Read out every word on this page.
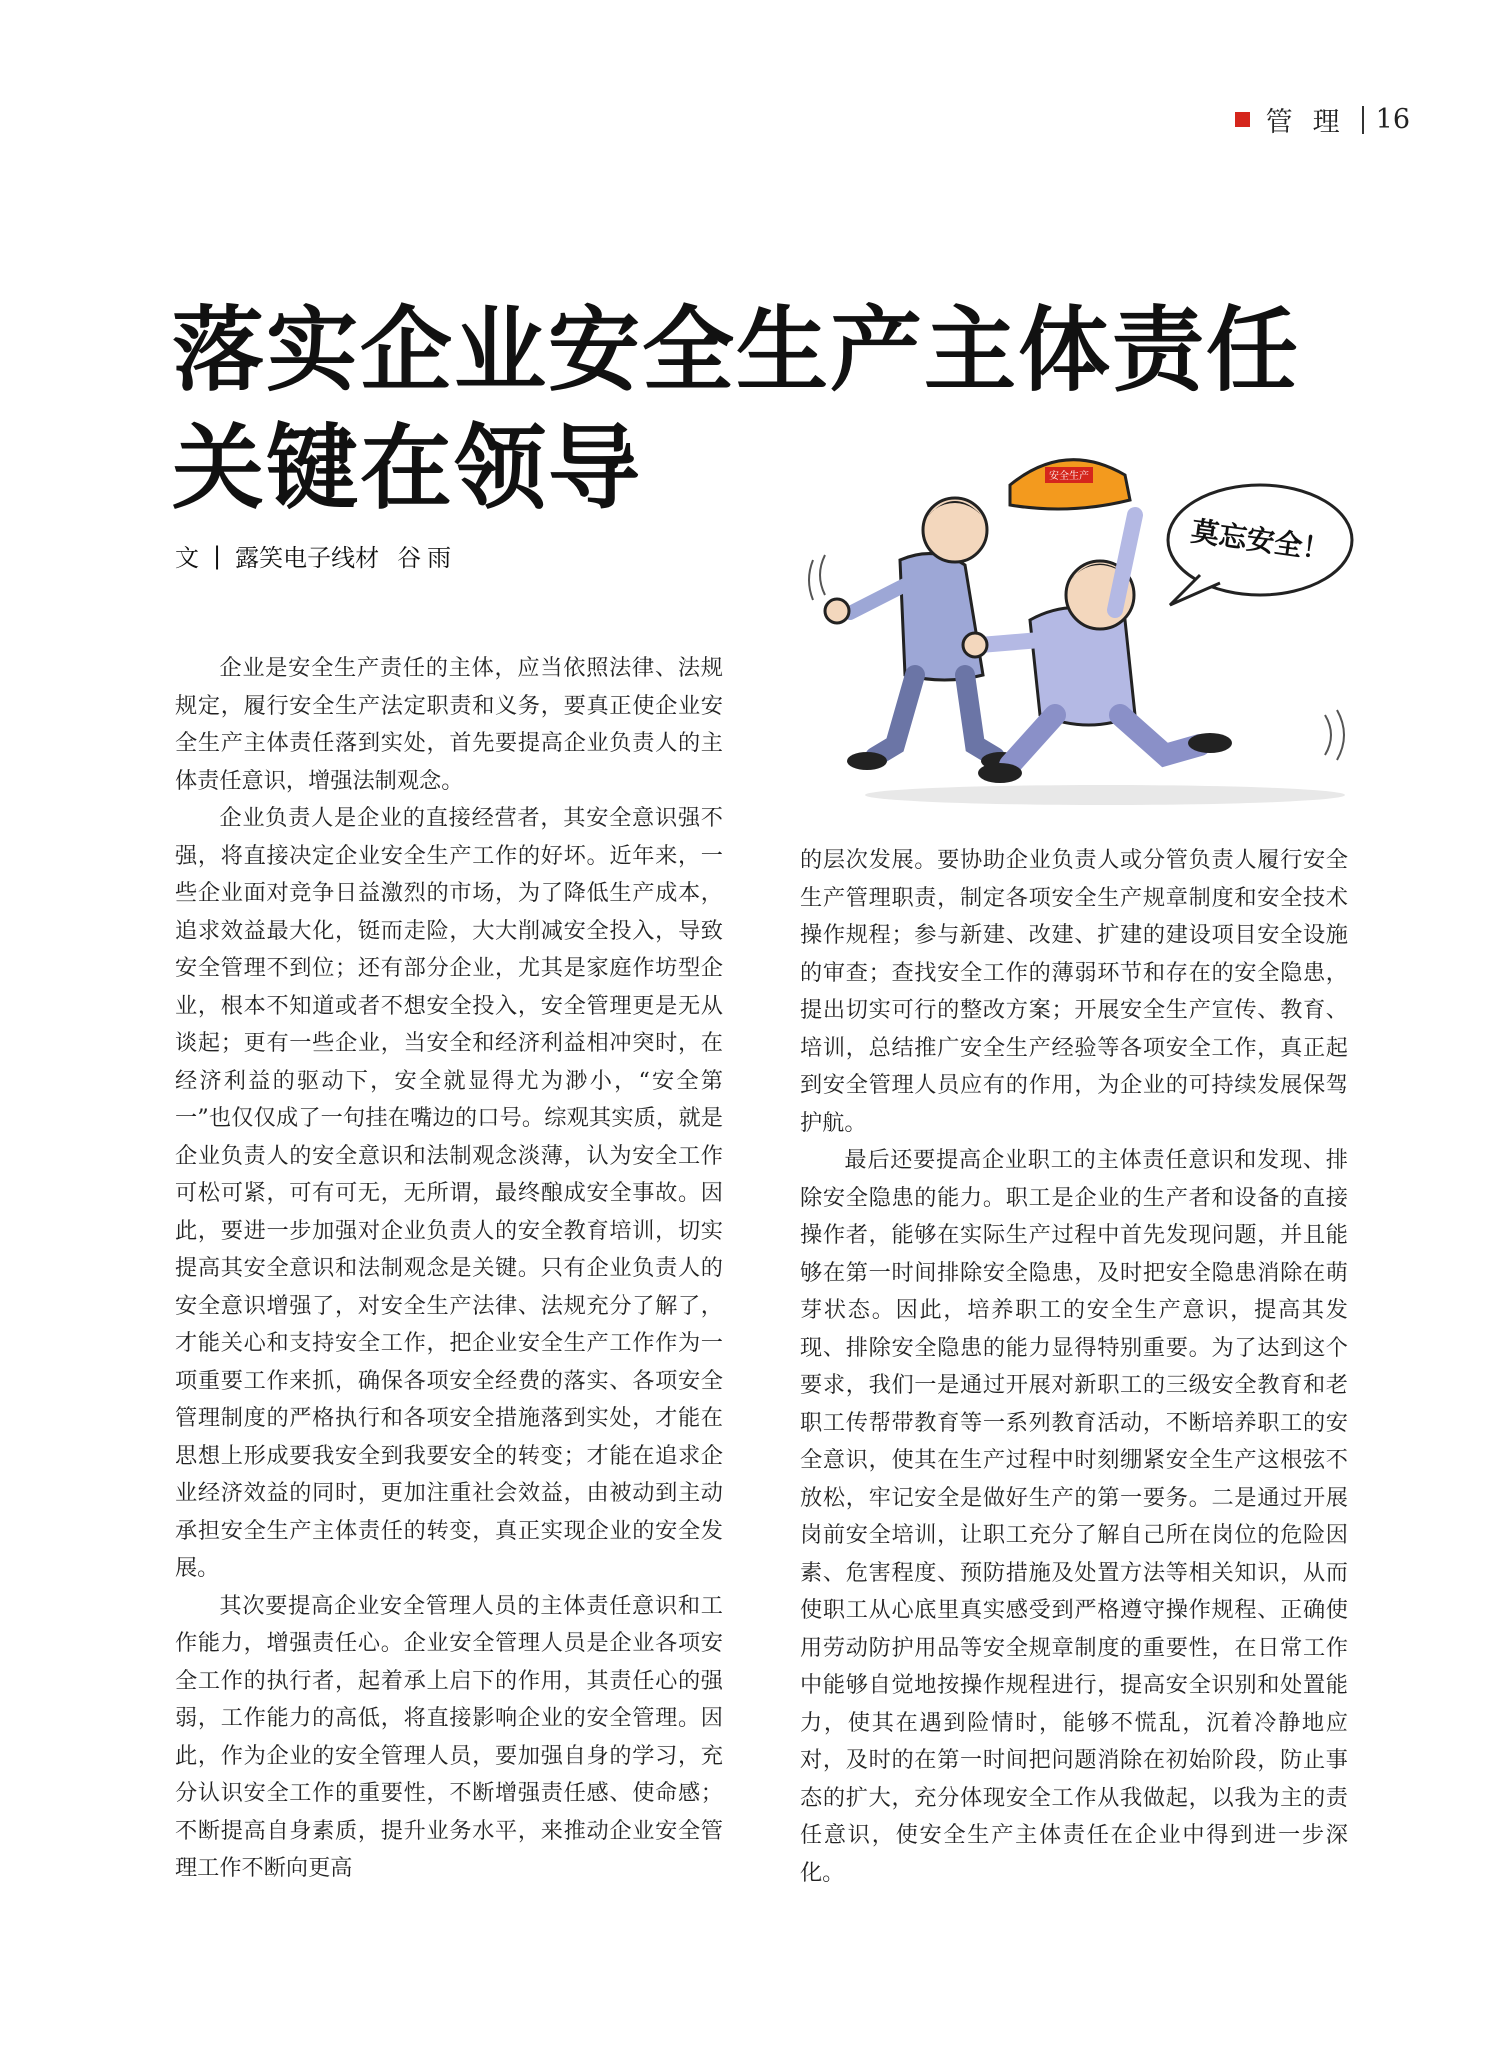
管理 16
落实企业安全生产主体责任
关键在领导
文 | 露笑电子线材 谷雨
安全生产
莫忘安全！

企业是安全生产责任的主体，应当依照法律、法规规定，履行安全生产法定职责和义务，要真正使企业安全生产主体责任落到实处，首先要提高企业负责人的主体责任意识，增强法制观念。

企业负责人是企业的直接经营者，其安全意识强不强，将直接决定企业安全生产工作的好坏。近年来，一些企业面对竞争日益激烈的市场，为了降低生产成本，追求效益最大化，铤而走险，大大削减安全投入，导致安全管理不到位；还有部分企业，尤其是家庭作坊型企业，根本不知道或者不想安全投入，安全管理更是无从谈起；更有一些企业，当安全和经济利益相冲突时，在经济利益的驱动下，安全就显得尤为渺小，“安全第一”也仅仅成了一句挂在嘴边的口号。综观其实质，就是企业负责人的安全意识和法制观念淡薄，认为安全工作可松可紧，可有可无，无所谓，最终酿成安全事故。因此，要进一步加强对企业负责人的安全教育培训，切实提高其安全意识和法制观念是关键。只有企业负责人的安全意识增强了，对安全生产法律、法规充分了解了，才能关心和支持安全工作，把企业安全生产工作作为一项重要工作来抓，确保各项安全经费的落实、各项安全管理制度的严格执行和各项安全措施落到实处，才能在思想上形成要我安全到我要安全的转变；才能在追求企业经济效益的同时，更加注重社会效益，由被动到主动承担安全生产主体责任的转变，真正实现企业的安全发展。

其次要提高企业安全管理人员的主体责任意识和工作能力，增强责任心。企业安全管理人员是企业各项安全工作的执行者，起着承上启下的作用，其责任心的强弱，工作能力的高低，将直接影响企业的安全管理。因此，作为企业的安全管理人员，要加强自身的学习，充分认识安全工作的重要性，不断增强责任感、使命感；不断提高自身素质，提升业务水平，来推动企业安全管理工作不断向更高

的层次发展。要协助企业负责人或分管负责人履行安全生产管理职责，制定各项安全生产规章制度和安全技术操作规程；参与新建、改建、扩建的建设项目安全设施的审查；查找安全工作的薄弱环节和存在的安全隐患，提出切实可行的整改方案；开展安全生产宣传、教育、培训，总结推广安全生产经验等各项安全工作，真正起到安全管理人员应有的作用，为企业的可持续发展保驾护航。

最后还要提高企业职工的主体责任意识和发现、排除安全隐患的能力。职工是企业的生产者和设备的直接操作者，能够在实际生产过程中首先发现问题，并且能够在第一时间排除安全隐患，及时把安全隐患消除在萌芽状态。因此，培养职工的安全生产意识，提高其发现、排除安全隐患的能力显得特别重要。为了达到这个要求，我们一是通过开展对新职工的三级安全教育和老职工传帮带教育等一系列教育活动，不断培养职工的安全意识，使其在生产过程中时刻绷紧安全生产这根弦不放松，牢记安全是做好生产的第一要务。二是通过开展岗前安全培训，让职工充分了解自己所在岗位的危险因素、危害程度、预防措施及处置方法等相关知识，从而使职工从心底里真实感受到严格遵守操作规程、正确使用劳动防护用品等安全规章制度的重要性，在日常工作中能够自觉地按操作规程进行，提高安全识别和处置能力，使其在遇到险情时，能够不慌乱，沉着冷静地应对，及时的在第一时间把问题消除在初始阶段，防止事态的扩大，充分体现安全工作从我做起，以我为主的责任意识，使安全生产主体责任在企业中得到进一步深化。
